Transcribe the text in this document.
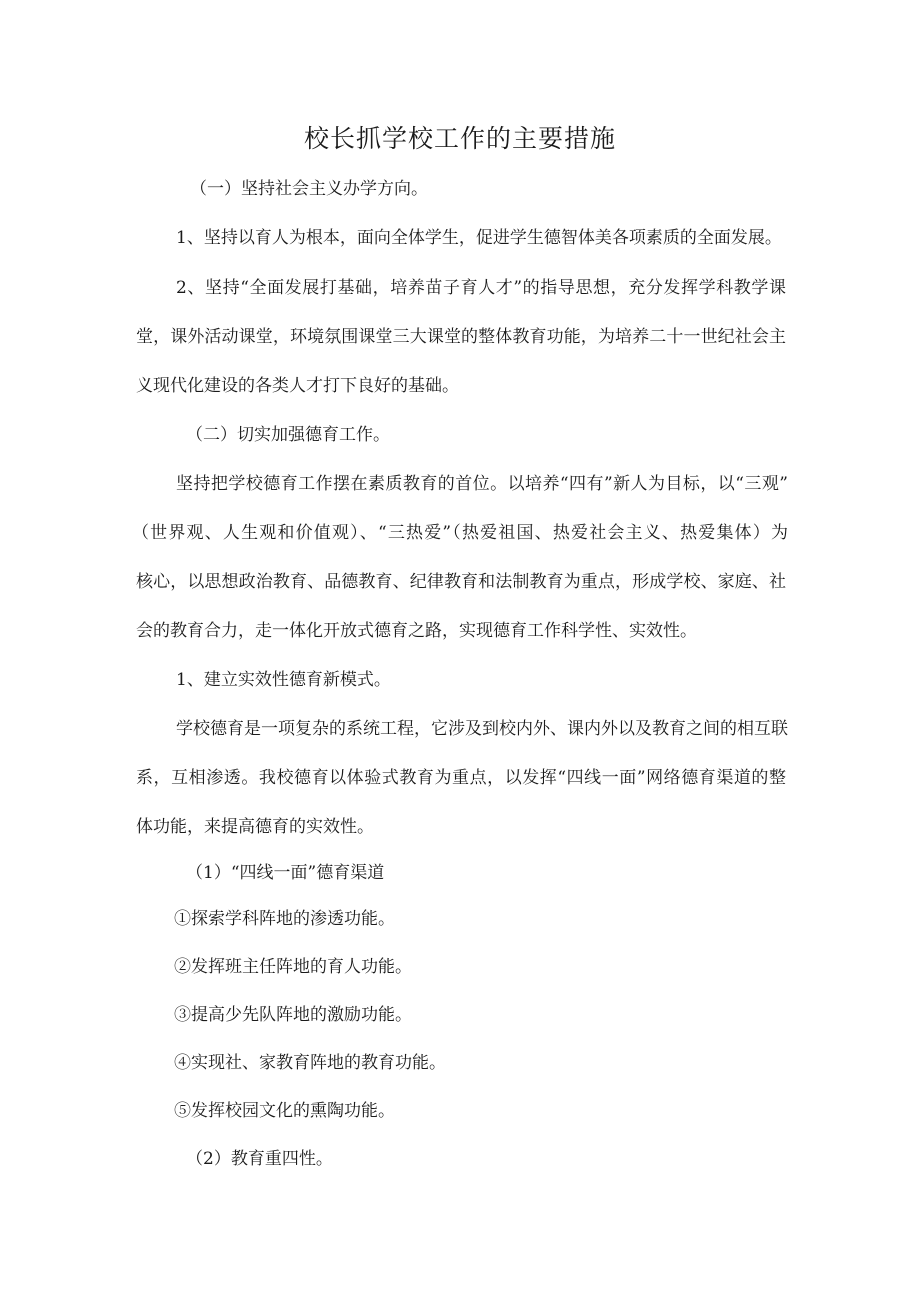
校长抓学校工作的主要措施

（一）坚持社会主义办学方向。

1、坚持以育人为根本，面向全体学生，促进学生德智体美各项素质的全面发展。

2、坚持“全面发展打基础，培养苗子育人才”的指导思想，充分发挥学科教学课

堂，课外活动课堂，环境氛围课堂三大课堂的整体教育功能，为培养二十一世纪社会主

义现代化建设的各类人才打下良好的基础。

（二）切实加强德育工作。

坚持把学校德育工作摆在素质教育的首位。以培养“四有”新人为目标，以“三观”

（世界观、人生观和价值观）、“三热爱”（热爱祖国、热爱社会主义、热爱集体）为

核心，以思想政治教育、品德教育、纪律教育和法制教育为重点，形成学校、家庭、社

会的教育合力，走一体化开放式德育之路，实现德育工作科学性、实效性。

1、建立实效性德育新模式。

学校德育是一项复杂的系统工程，它涉及到校内外、课内外以及教育之间的相互联

系，互相渗透。我校德育以体验式教育为重点，以发挥“四线一面”网络德育渠道的整

体功能，来提高德育的实效性。

（1）“四线一面”德育渠道

①探索学科阵地的渗透功能。

②发挥班主任阵地的育人功能。

③提高少先队阵地的激励功能。

④实现社、家教育阵地的教育功能。

⑤发挥校园文化的熏陶功能。

（2）教育重四性。
